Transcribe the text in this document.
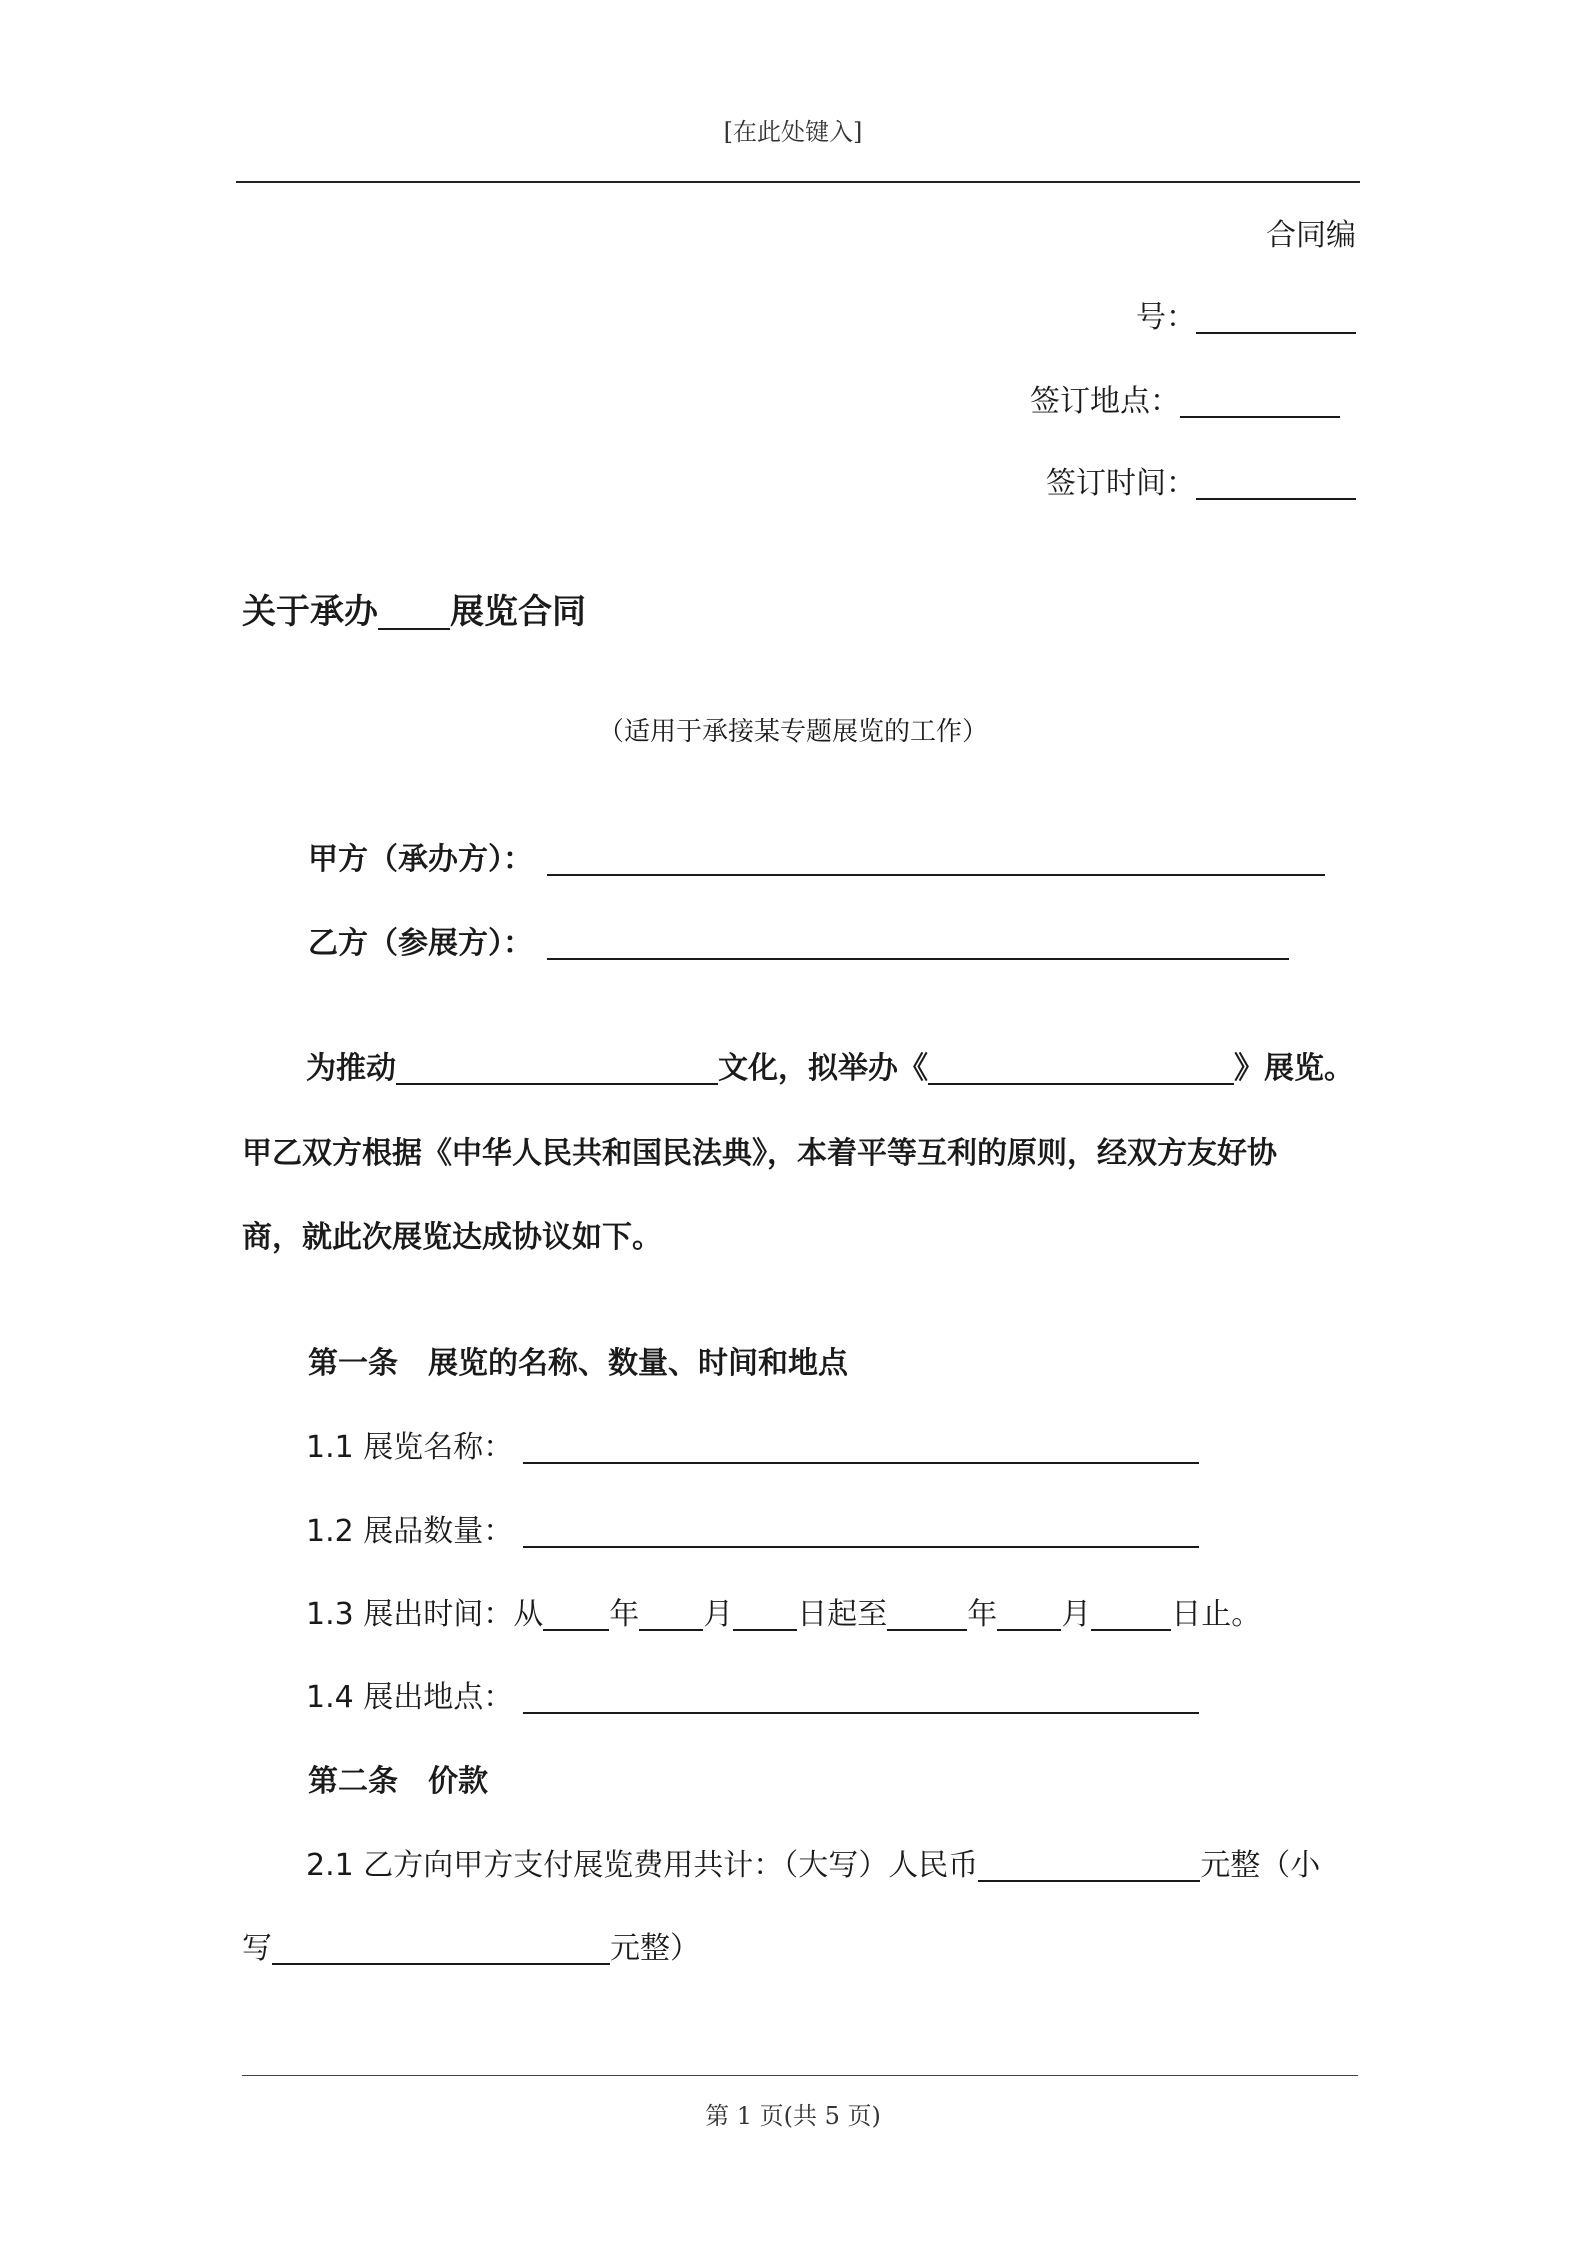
[在此处键入]
合同编
号：
签订地点：
签订时间：
关于承办 展览合同
（适用于承接某专题展览的工作）
甲方（承办方）：
乙方（参展方）：
为推动	文化，拟举办《	》展览。
甲乙双方根据《中华人民共和国民法典》，本着平等互利的原则，经双方友好协
商，就此次展览达成协议如下。
第一条　展览的名称、数量、时间和地点
1.1 展览名称：
1.2 展品数量：
1.3 展出时间：从 年 月 日起至	年 月	日止。
1.4 展出地点：
第二条　价款
2.1 乙方向甲方支付展览费用共计：（大写）人民币	元整（小
写	元整）
第 1 页(共 5 页)
